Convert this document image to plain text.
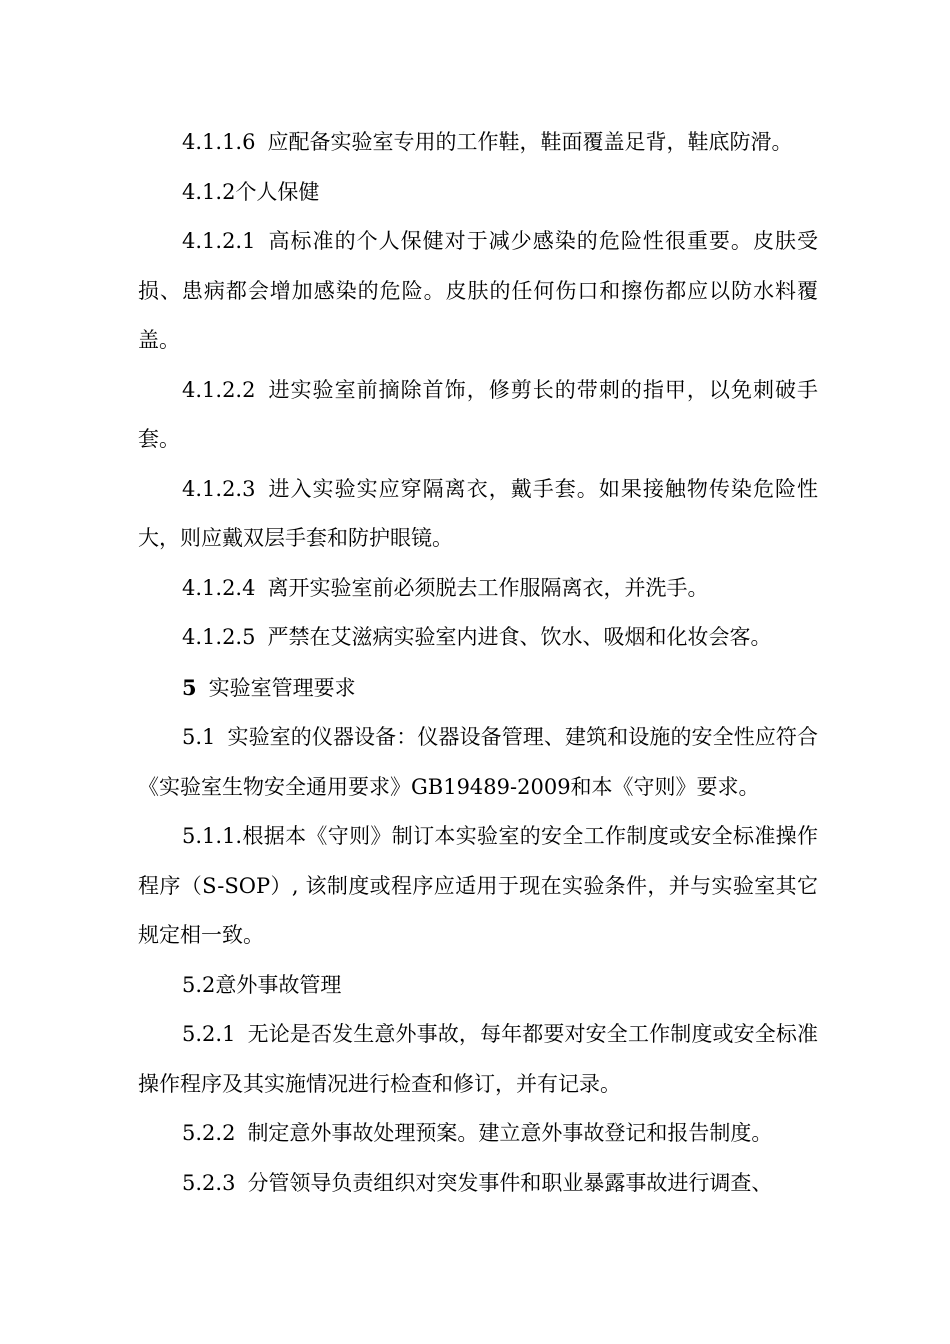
4.1.1.6 应配备实验室专用的工作鞋，鞋面覆盖足背，鞋底防滑。

4.1.2个人保健

4.1.2.1 高标准的个人保健对于减少感染的危险性很重要。皮肤受损、患病都会增加感染的危险。皮肤的任何伤口和擦伤都应以防水料覆盖。

4.1.2.2 进实验室前摘除首饰，修剪长的带刺的指甲，以免刺破手套。

4.1.2.3 进入实验实应穿隔离衣，戴手套。如果接触物传染危险性大，则应戴双层手套和防护眼镜。

4.1.2.4 离开实验室前必须脱去工作服隔离衣，并洗手。

4.1.2.5 严禁在艾滋病实验室内进食、饮水、吸烟和化妆会客。

5 实验室管理要求

5.1 实验室的仪器设备：仪器设备管理、建筑和设施的安全性应符合《实验室生物安全通用要求》GB19489-2009和本《守则》要求。

5.1.1.根据本《守则》制订本实验室的安全工作制度或安全标准操作程序（S-SOP）, 该制度或程序应适用于现在实验条件，并与实验室其它规定相一致。

5.2意外事故管理

5.2.1 无论是否发生意外事故，每年都要对安全工作制度或安全标准操作程序及其实施情况进行检查和修订，并有记录。

5.2.2 制定意外事故处理预案。建立意外事故登记和报告制度。

5.2.3 分管领导负责组织对突发事件和职业暴露事故进行调查、
